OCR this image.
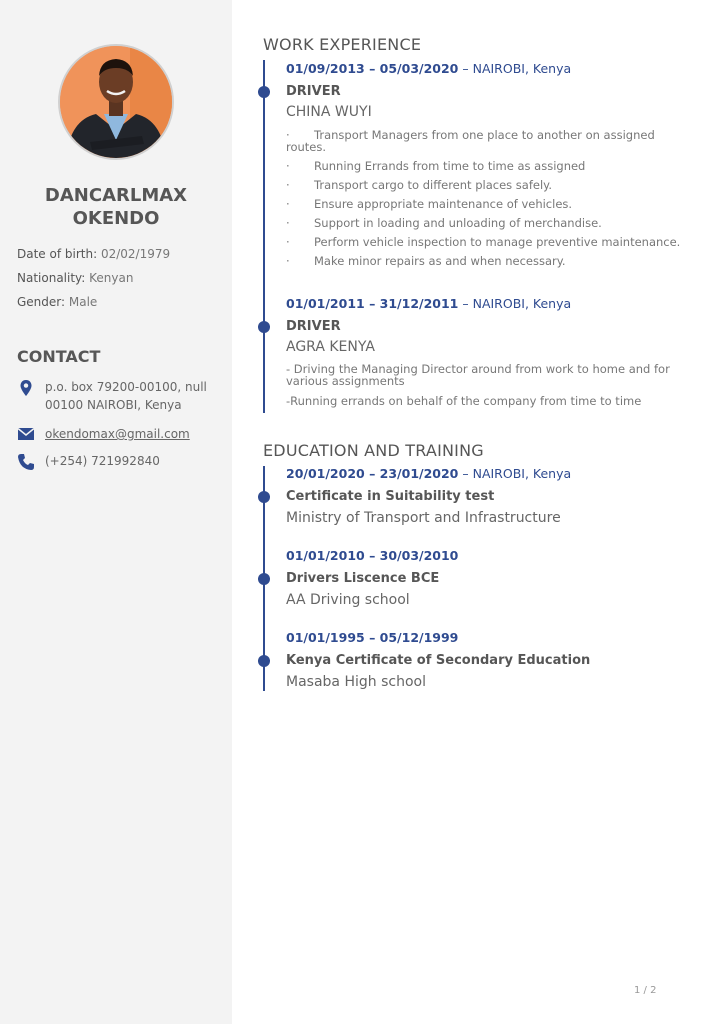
DANCARLMAX
OKENDO
Date of birth: 02/02/1979
Nationality: Kenyan
Gender: Male
CONTACT
p.o. box 79200-00100, null
00100 NAIROBI, Kenya
okendomax@gmail.com
(+254) 721992840
WORK EXPERIENCE
01/09/2013 – 05/03/2020 – NAIROBI, Kenya
DRIVER
CHINA WUYI
· Transport Managers from one place to another on assigned routes.
· Running Errands from time to time as assigned
· Transport cargo to different places safely.
· Ensure appropriate maintenance of vehicles.
· Support in loading and unloading of merchandise.
· Perform vehicle inspection to manage preventive maintenance.
· Make minor repairs as and when necessary.
01/01/2011 – 31/12/2011 – NAIROBI, Kenya
DRIVER
AGRA KENYA
- Driving the Managing Director around from work to home and for various assignments
-Running errands on behalf of the company from time to time
EDUCATION AND TRAINING
20/01/2020 – 23/01/2020 – NAIROBI, Kenya
Certificate in Suitability test
Ministry of Transport and Infrastructure
01/01/2010 – 30/03/2010
Drivers Liscence BCE
AA Driving school
01/01/1995 – 05/12/1999
Kenya Certificate of Secondary Education
Masaba High school
1 / 2
